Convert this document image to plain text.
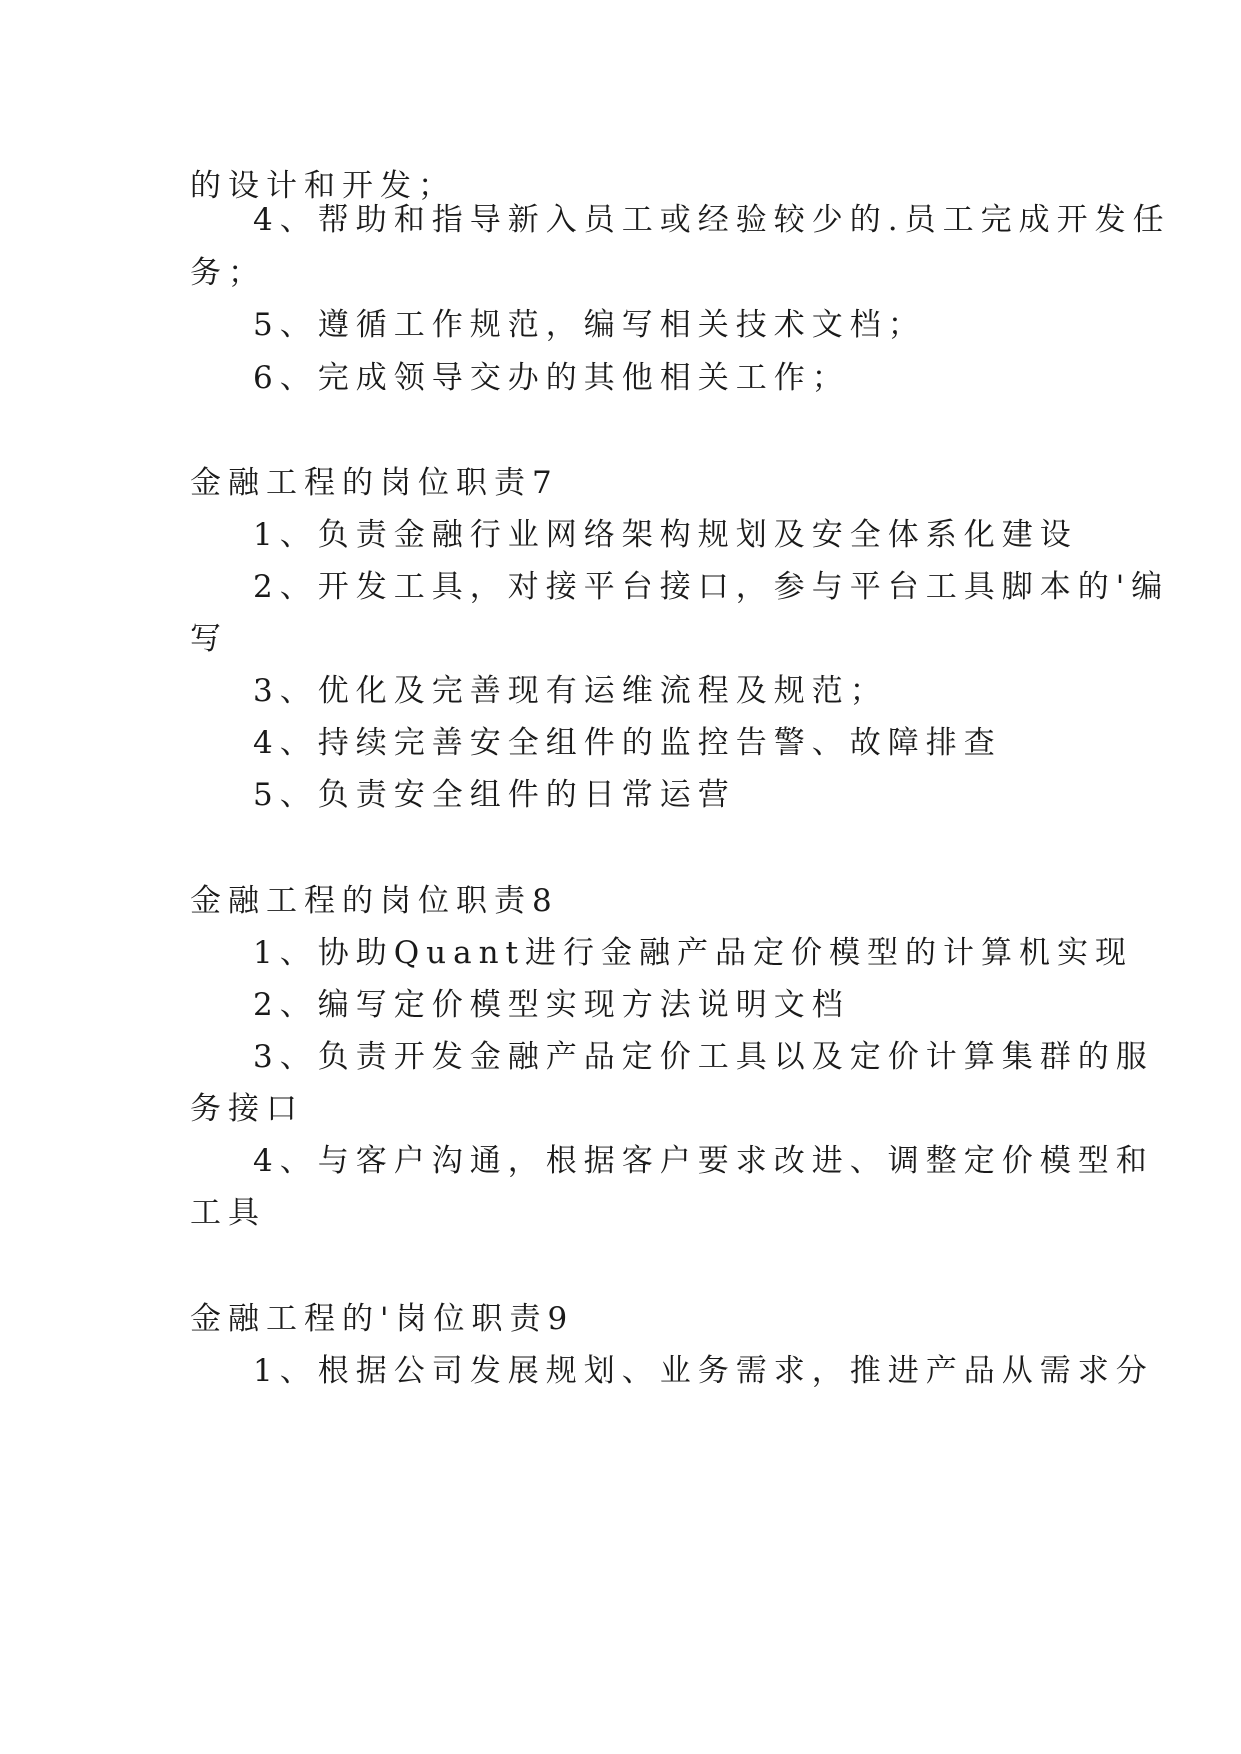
的设计和开发；
4、帮助和指导新入员工或经验较少的.员工完成开发任
务；
5、遵循工作规范，编写相关技术文档；
6、完成领导交办的其他相关工作；
金融工程的岗位职责7
1、负责金融行业网络架构规划及安全体系化建设
2、开发工具，对接平台接口，参与平台工具脚本的'编
写
3、优化及完善现有运维流程及规范；
4、持续完善安全组件的监控告警、故障排查
5、负责安全组件的日常运营
金融工程的岗位职责8
1、协助Quant进行金融产品定价模型的计算机实现
2、编写定价模型实现方法说明文档
3、负责开发金融产品定价工具以及定价计算集群的服
务接口
4、与客户沟通，根据客户要求改进、调整定价模型和
工具
金融工程的'岗位职责9
1、根据公司发展规划、业务需求，推进产品从需求分
